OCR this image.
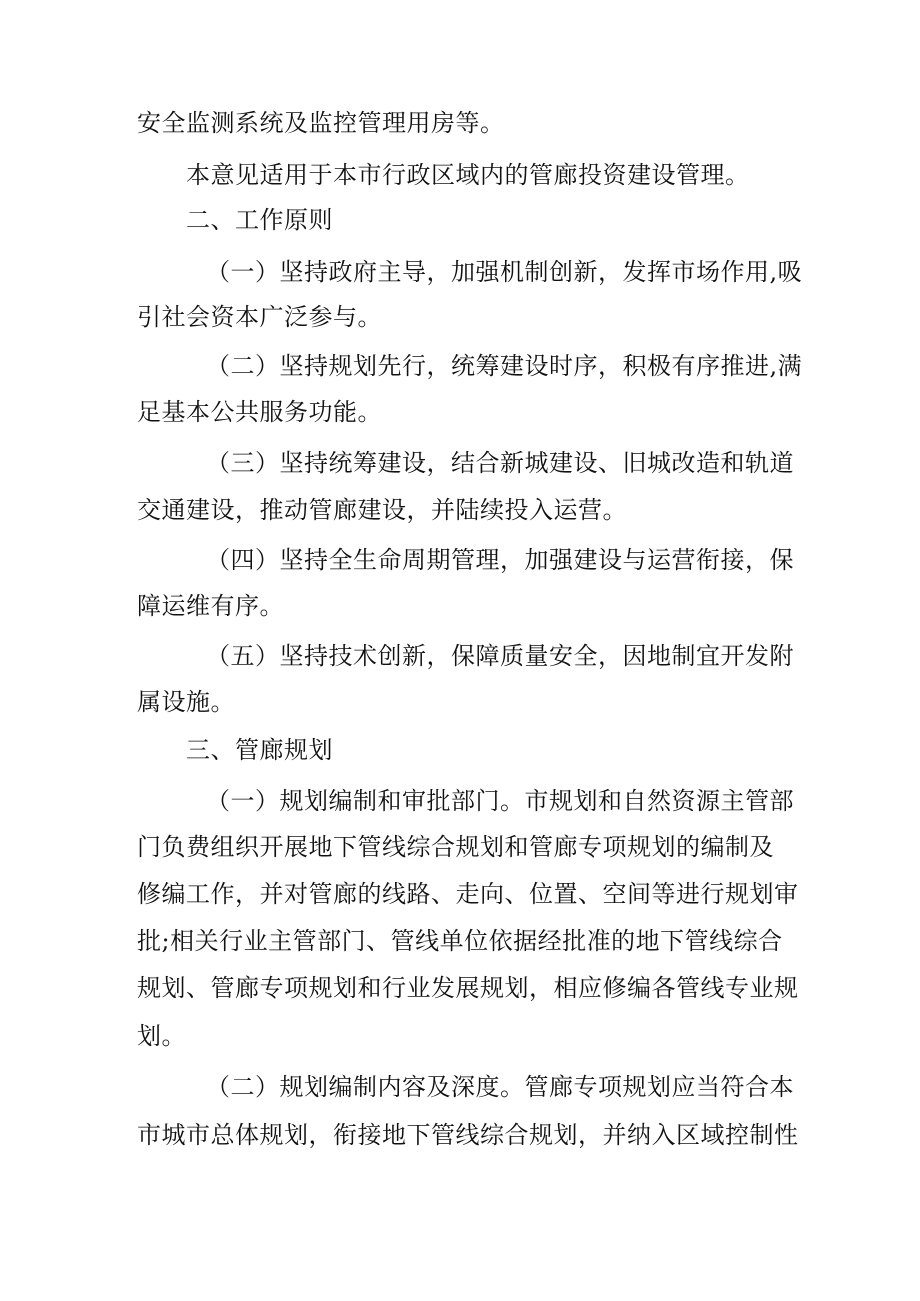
安全监测系统及监控管理用房等。
本意见适用于本市行政区域内的管廊投资建设管理。
二、工作原则
（一）坚持政府主导，加强机制创新，发挥市场作用,吸
引社会资本广泛参与。
（二）坚持规划先行，统筹建设时序，积极有序推进,满
足基本公共服务功能。
（三）坚持统筹建设，结合新城建设、旧城改造和轨道
交通建设，推动管廊建设，并陆续投入运营。
（四）坚持全生命周期管理，加强建设与运营衔接，保
障运维有序。
（五）坚持技术创新，保障质量安全，因地制宜开发附
属设施。
三、管廊规划
（一）规划编制和审批部门。市规划和自然资源主管部
门负费组织开展地下管线综合规划和管廊专项规划的编制及
修编工作，并对管廊的线路、走向、位置、空间等进行规划审
批;相关行业主管部门、管线单位依据经批准的地下管线综合
规划、管廊专项规划和行业发展规划，相应修编各管线专业规
划。
（二）规划编制内容及深度。管廊专项规划应当符合本
市城市总体规划，衔接地下管线综合规划，并纳入区域控制性
